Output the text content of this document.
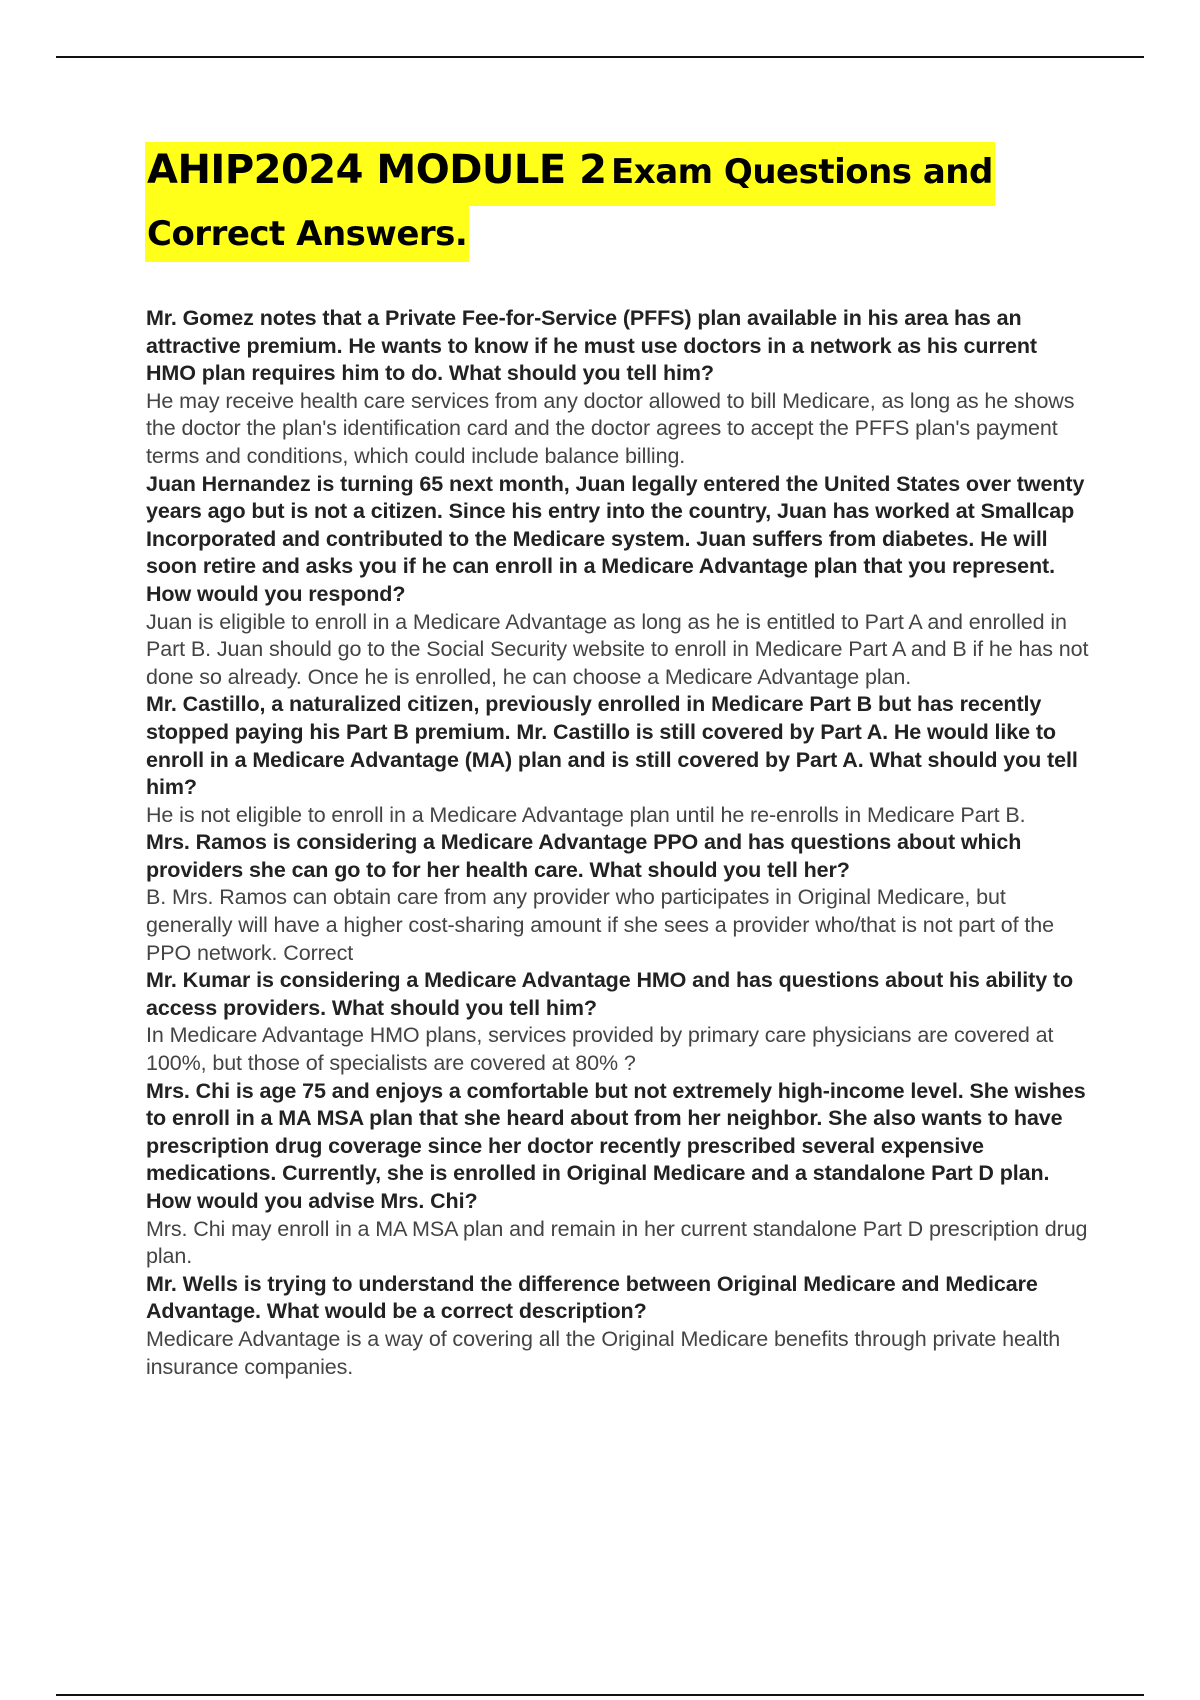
AHIP2024 MODULE 2 Exam Questions and
Correct Answers.
Mr. Gomez notes that a Private Fee-for-Service (PFFS) plan available in his area has an attractive premium. He wants to know if he must use doctors in a network as his current HMO plan requires him to do. What should you tell him?
He may receive health care services from any doctor allowed to bill Medicare, as long as he shows the doctor the plan's identification card and the doctor agrees to accept the PFFS plan's payment terms and conditions, which could include balance billing.
Juan Hernandez is turning 65 next month, Juan legally entered the United States over twenty years ago but is not a citizen. Since his entry into the country, Juan has worked at Smallcap Incorporated and contributed to the Medicare system. Juan suffers from diabetes. He will soon retire and asks you if he can enroll in a Medicare Advantage plan that you represent. How would you respond?
Juan is eligible to enroll in a Medicare Advantage as long as he is entitled to Part A and enrolled in Part B. Juan should go to the Social Security website to enroll in Medicare Part A and B if he has not done so already. Once he is enrolled, he can choose a Medicare Advantage plan.
Mr. Castillo, a naturalized citizen, previously enrolled in Medicare Part B but has recently stopped paying his Part B premium. Mr. Castillo is still covered by Part A. He would like to enroll in a Medicare Advantage (MA) plan and is still covered by Part A. What should you tell him?
He is not eligible to enroll in a Medicare Advantage plan until he re-enrolls in Medicare Part B.
Mrs. Ramos is considering a Medicare Advantage PPO and has questions about which providers she can go to for her health care. What should you tell her?
B. Mrs. Ramos can obtain care from any provider who participates in Original Medicare, but generally will have a higher cost-sharing amount if she sees a provider who/that is not part of the PPO network. Correct
Mr. Kumar is considering a Medicare Advantage HMO and has questions about his ability to access providers. What should you tell him?
In Medicare Advantage HMO plans, services provided by primary care physicians are covered at 100%, but those of specialists are covered at 80% ?
Mrs. Chi is age 75 and enjoys a comfortable but not extremely high-income level. She wishes to enroll in a MA MSA plan that she heard about from her neighbor. She also wants to have prescription drug coverage since her doctor recently prescribed several expensive medications. Currently, she is enrolled in Original Medicare and a standalone Part D plan. How would you advise Mrs. Chi?
Mrs. Chi may enroll in a MA MSA plan and remain in her current standalone Part D prescription drug plan.
Mr. Wells is trying to understand the difference between Original Medicare and Medicare Advantage. What would be a correct description?
Medicare Advantage is a way of covering all the Original Medicare benefits through private health insurance companies.
